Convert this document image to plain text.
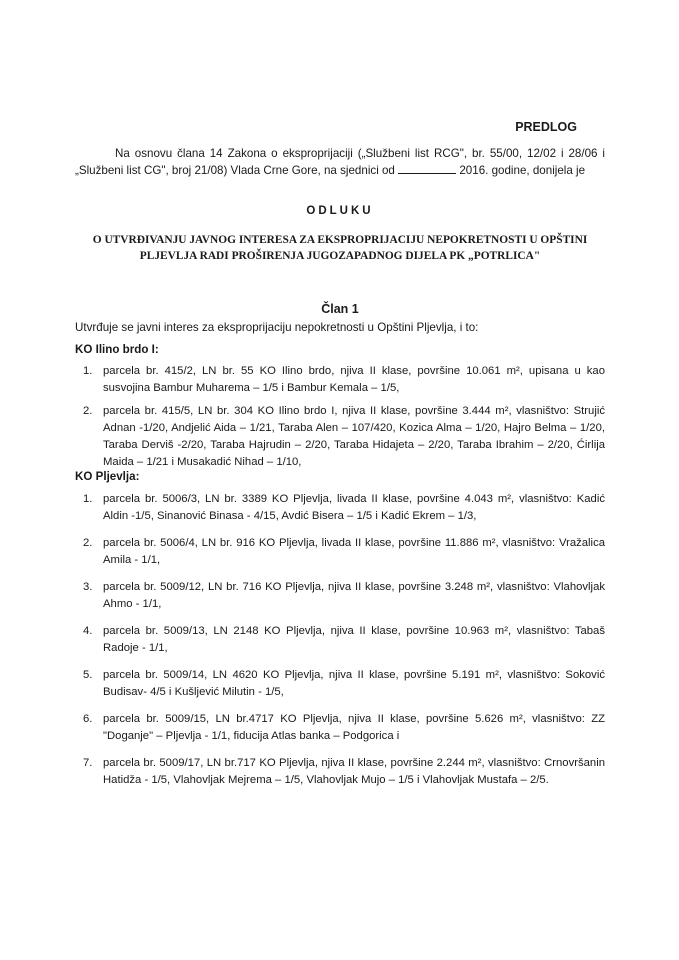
PREDLOG
Na osnovu člana 14 Zakona o eksproprijaciji („Službeni list RCG", br. 55/00, 12/02 i 28/06 i „Službeni list CG", broj 21/08) Vlada Crne Gore, na sjednici od	2016. godine, donijela je
ODLUKU
O UTVRĐIVANJU JAVNOG INTERESA ZA EKSPROPRIJACIJU NEPOKRETNOSTI U OPŠTINI
PLJEVLJA RADI PROŠIRENJA JUGOZAPADNOG DIJELA PK „POTRLICA"
Član 1
Utvrđuje se javni interes za eksproprijaciju nepokretnosti u Opštini Pljevlja, i to:
KO Ilino brdo I:
1. parcela br. 415/2, LN br. 55 KO Ilino brdo, njiva II klase, površine 10.061 m², upisana u kao susvojina Bambur Muharema – 1/5 i Bambur Kemala – 1/5,
2. parcela br. 415/5, LN br. 304 KO Ilino brdo I, njiva II klase, površine 3.444 m², vlasništvo: Strujić Adnan -1/20, Andjelić Aida – 1/21, Taraba Alen – 107/420, Kozica Alma – 1/20, Hajro Belma – 1/20, Taraba Derviš -2/20, Taraba Hajrudin – 2/20, Taraba Hidajeta – 2/20, Taraba Ibrahim – 2/20, Ćirlija Maida – 1/21 i Musakadić Nihad – 1/10,
KO Pljevlja:
1. parcela br. 5006/3, LN br. 3389 KO Pljevlja, livada II klase, površine 4.043 m², vlasništvo: Kadić Aldin -1/5, Sinanović Binasa - 4/15, Avdić Bisera – 1/5 i Kadić Ekrem – 1/3,
2. parcela br. 5006/4, LN br. 916 KO Pljevlja, livada II klase, površine 11.886 m², vlasništvo: Vražalica Amila - 1/1,
3. parcela br. 5009/12, LN br. 716 KO Pljevlja, njiva II klase, površine 3.248 m², vlasništvo: Vlahovljak Ahmo - 1/1,
4. parcela br. 5009/13, LN 2148 KO Pljevlja, njiva II klase, površine 10.963 m², vlasništvo: Tabaš Radoje - 1/1,
5. parcela br. 5009/14, LN 4620 KO Pljevlja, njiva II klase, površine 5.191 m², vlasništvo: Soković Budisav- 4/5 i Kušljević Milutin - 1/5,
6. parcela br. 5009/15, LN br.4717 KO Pljevlja, njiva II klase, površine 5.626 m², vlasništvo: ZZ "Doganje" – Pljevlja - 1/1, fiducija Atlas banka – Podgorica i
7. parcela br. 5009/17, LN br.717 KO Pljevlja, njiva II klase, površine 2.244 m², vlasništvo: Crnovršanin Hatidža - 1/5, Vlahovljak Mejrema – 1/5, Vlahovljak Mujo – 1/5 i Vlahovljak Mustafa – 2/5.
